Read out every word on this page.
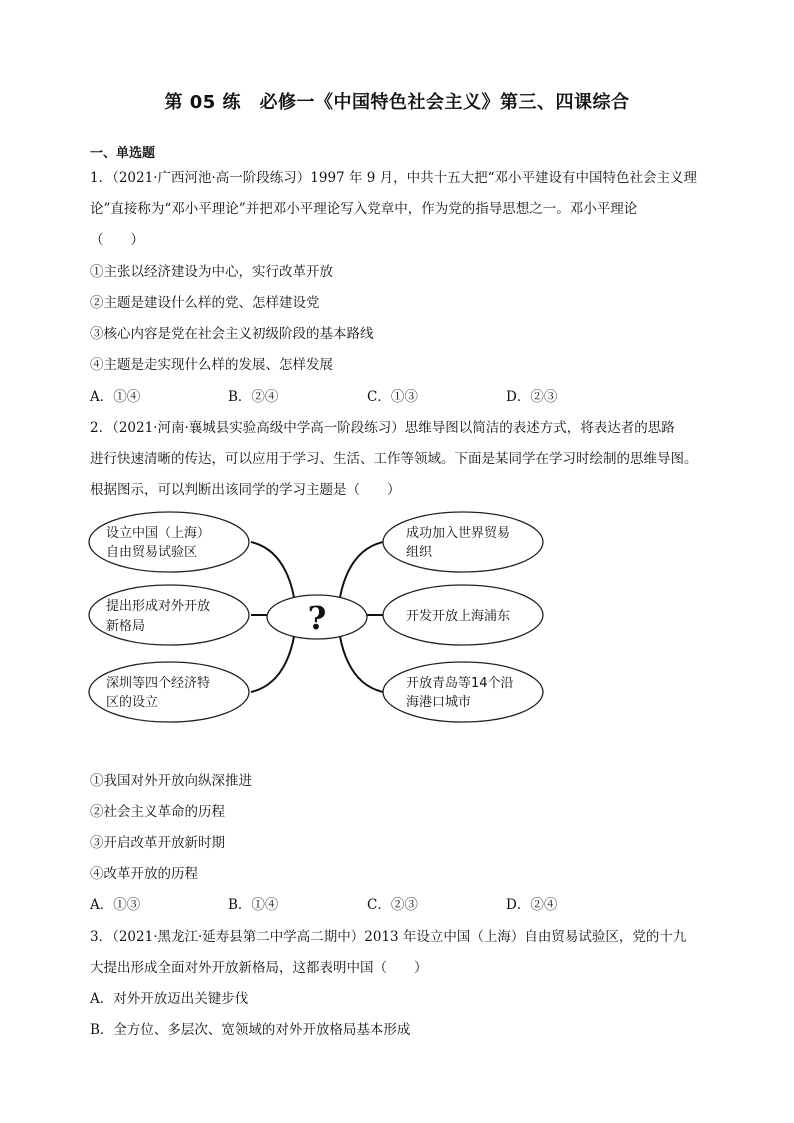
第 05 练　必修一《中国特色社会主义》第三、四课综合
一、单选题
1．（2021·广西河池·高一阶段练习）1997 年 9 月，中共十五大把“邓小平建设有中国特色社会主义理
论”直接称为“邓小平理论”并把邓小平理论写入党章中，作为党的指导思想之一。邓小平理论
（　　）
①主张以经济建设为中心，实行改革开放
②主题是建设什么样的党、怎样建设党
③核心内容是党在社会主义初级阶段的基本路线
④主题是走实现什么样的发展、怎样发展
A．①④	B．②④	C．①③	D．②③
2．（2021·河南·襄城县实验高级中学高一阶段练习）思维导图以简洁的表述方式，将表达者的思路
进行快速清晰的传达，可以应用于学习、生活、工作等领域。下面是某同学在学习时绘制的思维导图。
根据图示，可以判断出该同学的学习主题是（　　）
?
设立中国（上海）
自由贸易试验区
提出形成对外开放
新格局
深圳等四个经济特
区的设立
成功加入世界贸易
组织
开发开放上海浦东
开放青岛等14个沿
海港口城市
①我国对外开放向纵深推进
②社会主义革命的历程
③开启改革开放新时期
④改革开放的历程
A．①③	B．①④	C．②③	D．②④
3．（2021·黑龙江·延寿县第二中学高二期中）2013 年设立中国（上海）自由贸易试验区，党的十九
大提出形成全面对外开放新格局，这都表明中国（　　）
A．对外开放迈出关键步伐
B．全方位、多层次、宽领域的对外开放格局基本形成
